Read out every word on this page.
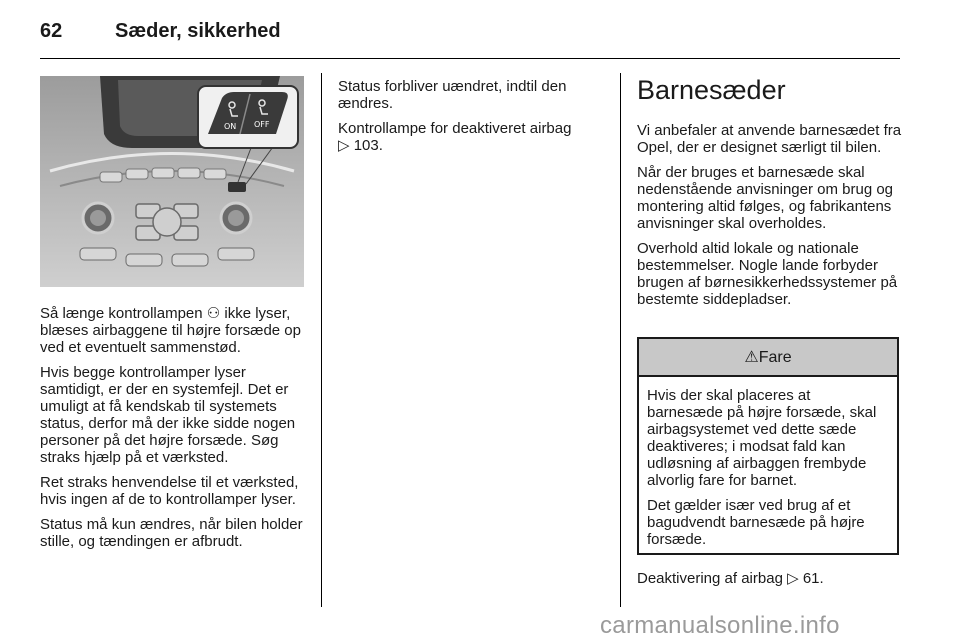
62	Sæder, sikkerhed
ON OFF

Så længe kontrollampen ⚇ ikke lyser, blæses airbaggene til højre forsæde op ved et eventuelt sammenstød.

Hvis begge kontrollamper lyser samtidigt, er der en systemfejl. Det er umuligt at få kendskab til systemets status, derfor må der ikke sidde nogen personer på det højre forsæde. Søg straks hjælp på et værksted.

Ret straks henvendelse til et værksted, hvis ingen af de to kontrollamper lyser.

Status må kun ændres, når bilen holder stille, og tændingen er afbrudt.

Status forbliver uændret, indtil den ændres.

Kontrollampe for deaktiveret airbag
▷ 103.

Barnesæder

Vi anbefaler at anvende barnesædet fra Opel, der er designet særligt til bilen.

Når der bruges et barnesæde skal nedenstående anvisninger om brug og montering altid følges, og fabrikantens anvisninger skal overholdes.

Overhold altid lokale og nationale bestemmelser. Nogle lande forbyder brugen af børnesikkerhedssystemer på bestemte siddepladser.

⚠Fare

Hvis der skal placeres at barnesæde på højre forsæde, skal airbagsystemet ved dette sæde deaktiveres; i modsat fald kan udløsning af airbaggen frembyde alvorlig fare for barnet.

Det gælder især ved brug af et bagudvendt barnesæde på højre forsæde.

Deaktivering af airbag ▷ 61.
carmanualsonline.info
